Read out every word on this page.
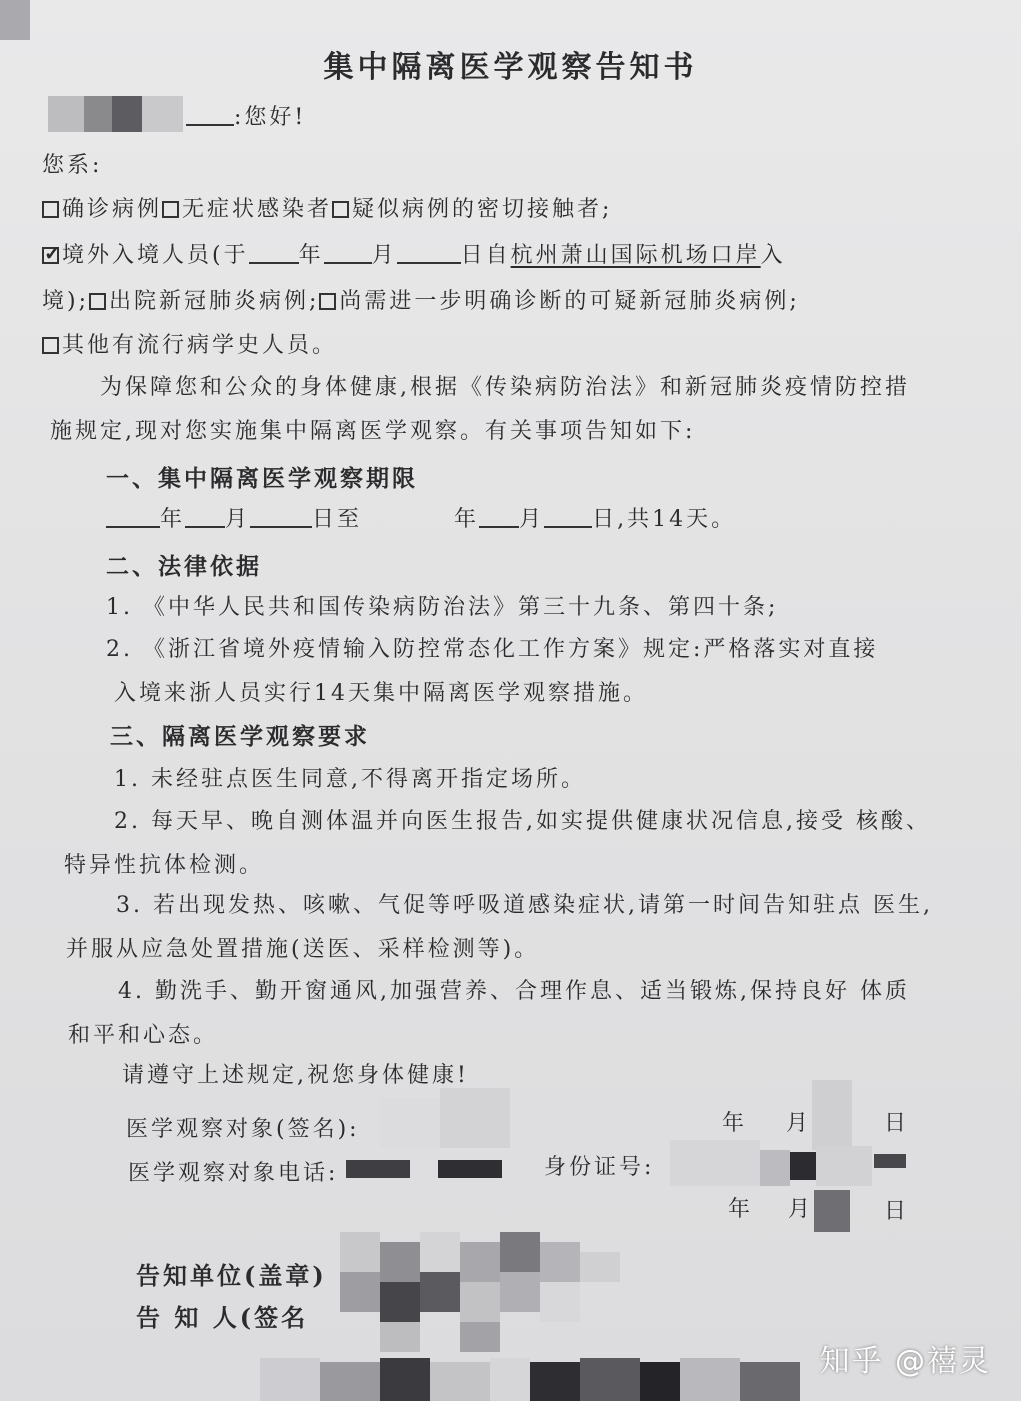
集中隔离医学观察告知书
:您好!
您系:
确诊病例 无症状感染者 疑似病例的密切接触者;
✓境外入境人员(于 年 月	日自杭州萧山国际机场口岸入
境); 出院新冠肺炎病例; 尚需进一步明确诊断的可疑新冠肺炎病例;
其他有流行病学史人员。
为保障您和公众的身体健康,根据《传染病防治法》和新冠肺炎疫情防控措
施规定,现对您实施集中隔离医学观察。有关事项告知如下:
一、集中隔离医学观察期限
年 月	日至	年 月 日,共14天。
二、法律依据
1. 《中华人民共和国传染病防治法》第三十九条、第四十条;
2. 《浙江省境外疫情输入防控常态化工作方案》规定:严格落实对直接
入境来浙人员实行14天集中隔离医学观察措施。
三、隔离医学观察要求
1. 未经驻点医生同意,不得离开指定场所。
2. 每天早、晚自测体温并向医生报告,如实提供健康状况信息,接受 核酸、
特异性抗体检测。
3. 若出现发热、咳嗽、气促等呼吸道感染症状,请第一时间告知驻点 医生,
并服从应急处置措施(送医、采样检测等)。
4. 勤洗手、勤开窗通风,加强营养、合理作息、适当锻炼,保持良好 体质
和平和心态。
请遵守上述规定,祝您身体健康!
医学观察对象(签名):	年 月	日
医学观察对象电话:	身份证号:
年 月	日
告知单位(盖章)
告 知 人(签名
知乎 @禧灵
